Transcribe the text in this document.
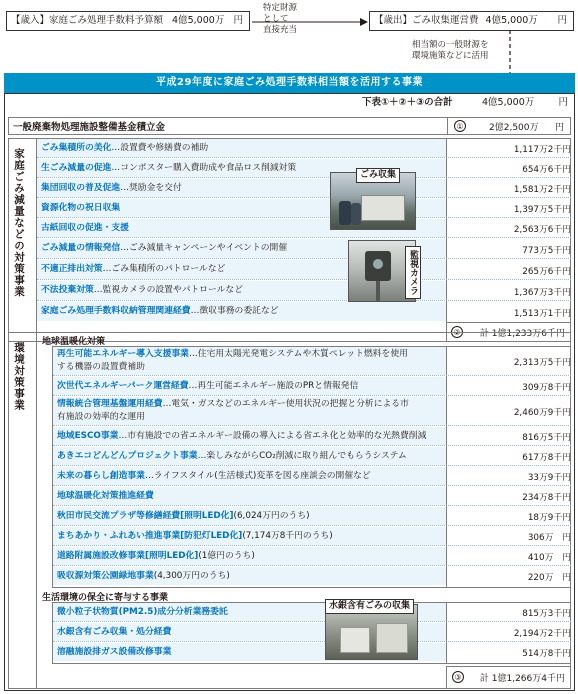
【歳入】家庭ごみ処理手数料予算額 4億5,000万 円
特定財源
として
直接充当
【歳出】ごみ収集運営費 4億5,000万 円
相当額の一般財源を
環境施策などに活用
平成29年度に家庭ごみ処理手数料相当額を活用する事業
下表①＋②＋③の合計	4億5,000万	円
一般廃棄物処理施設整備基金積立金	①	2億2,500万 円
家庭ごみ減量などの対策事業 ごみ集積所の美化…設置費や修繕費の補助	1,117万2千円
生ごみ減量の促進…コンポスター購入費助成や食品ロス削減対策	654万6千円
集団回収の普及促進…奨励金を交付	1,581万2千円
資源化物の祝日収集	1,397万5千円
古紙回収の促進・支援	2,563万6千円
ごみ減量の情報発信…ごみ減量キャンペーンやイベントの開催	773万5千円
不適正排出対策…ごみ集積所のパトロールなど	265万6千円
不法投棄対策…監視カメラの設置やパトロールなど	1,367万3千円
家庭ごみ処理手数料収納管理関連経費…徴収事務の委託など	1,513万1千円
ごみ収集
監視カメラ
② 計 1億1,233万6千円
環境対策事業 地球温暖化対策
再生可能エネルギー導入支援事業…住宅用太陽光発電システムや木質ペレット燃料を使用
する機器の設置費補助	2,313万5千円
次世代エネルギーパーク運営経費…再生可能エネルギー施設のPRと情報発信	309万8千円
情報統合管理基盤運用経費…電気・ガスなどのエネルギー使用状況の把握と分析による市
有施設の効率的な運用	2,460万9千円
地域ESCO事業…市有施設での省エネルギー設備の導入による省エネ化と効率的な光熱費削減	816万5千円
あきエコどんどんプロジェクト事業…楽しみながらCO₂削減に取り組んでもらうシステム	617万8千円
未来の暮らし創造事業…ライフスタイル(生活様式)変革を図る座談会の開催など	33万9千円
地球温暖化対策推進経費	234万8千円
秋田市民交流プラザ等修繕経費[照明LED化](6,024万円のうち)	18万9千円
まちあかり・ふれあい推進事業[防犯灯LED化](7,174万8千円のうち)	306万　円
道路附属施設改修事業[照明LED化](1億円のうち)	410万　円
吸収源対策公園緑地事業(4,300万円のうち)	220万　円
生活環境の保全に寄与する事業
微小粒子状物質(PM2.5)成分分析業務委託	815万3千円
水銀含有ごみ収集・処分経費	2,194万2千円
溶融施設排ガス設備改修事業	514万8千円
水銀含有ごみの収集
③ 計 1億1,266万4千円
